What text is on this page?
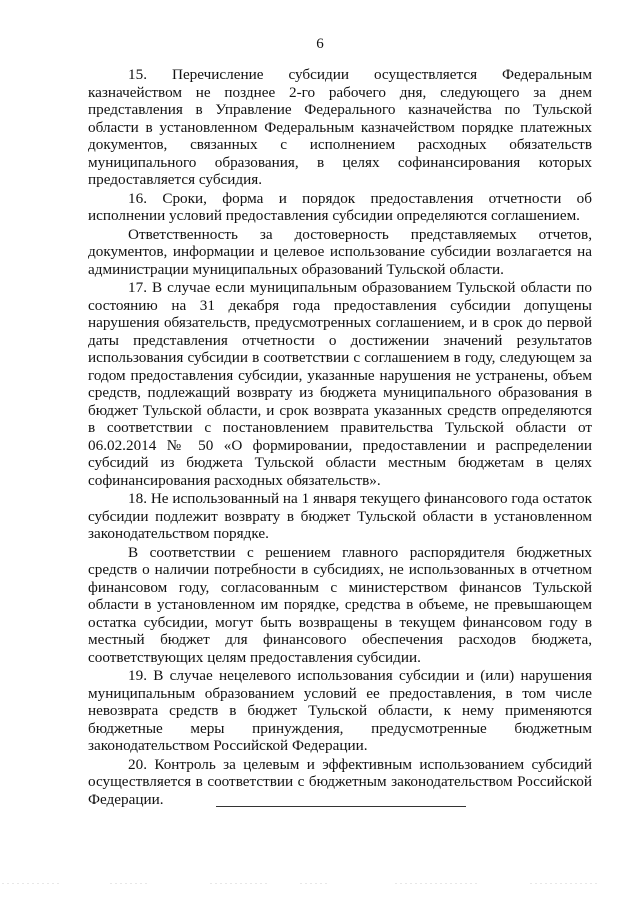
6

15. Перечисление субсидии осуществляется Федеральным казначейством не позднее 2-го рабочего дня, следующего за днем представления в Управление Федерального казначейства по Тульской области в установленном Федеральным казначейством порядке платежных документов, связанных с исполнением расходных обязательств муниципального образования, в целях софинансирования которых предоставляется субсидия.

16. Сроки, форма и порядок предоставления отчетности об исполнении условий предоставления субсидии определяются соглашением.

Ответственность за достоверность представляемых отчетов, документов, информации и целевое использование субсидии возлагается на администрации муниципальных образований Тульской области.

17. В случае если муниципальным образованием Тульской области по состоянию на 31 декабря года предоставления субсидии допущены нарушения обязательств, предусмотренных соглашением, и в срок до первой даты представления отчетности о достижении значений результатов использования субсидии в соответствии с соглашением в году, следующем за годом предоставления субсидии, указанные нарушения не устранены, объем средств, подлежащий возврату из бюджета муниципального образования в бюджет Тульской области, и срок возврата указанных средств определяются в соответствии с постановлением правительства Тульской области от 06.02.2014 № 50 «О формировании, предоставлении и распределении субсидий из бюджета Тульской области местным бюджетам в целях софинансирования расходных обязательств».

18. Не использованный на 1 января текущего финансового года остаток субсидии подлежит возврату в бюджет Тульской области в установленном законодательством порядке.

В соответствии с решением главного распорядителя бюджетных средств о наличии потребности в субсидиях, не использованных в отчетном финансовом году, согласованным с министерством финансов Тульской области в установленном им порядке, средства в объеме, не превышающем остатка субсидии, могут быть возвращены в текущем финансовом году в местный бюджет для финансового обеспечения расходов бюджета, соответствующих целям предоставления субсидии.

19. В случае нецелевого использования субсидии и (или) нарушения муниципальным образованием условий ее предоставления, в том числе невозврата средств в бюджет Тульской области, к нему применяются бюджетные меры принуждения, предусмотренные бюджетным законодательством Российской Федерации.

20. Контроль за целевым и эффективным использованием субсидий осуществляется в соответствии с бюджетным законодательством Российской Федерации.
